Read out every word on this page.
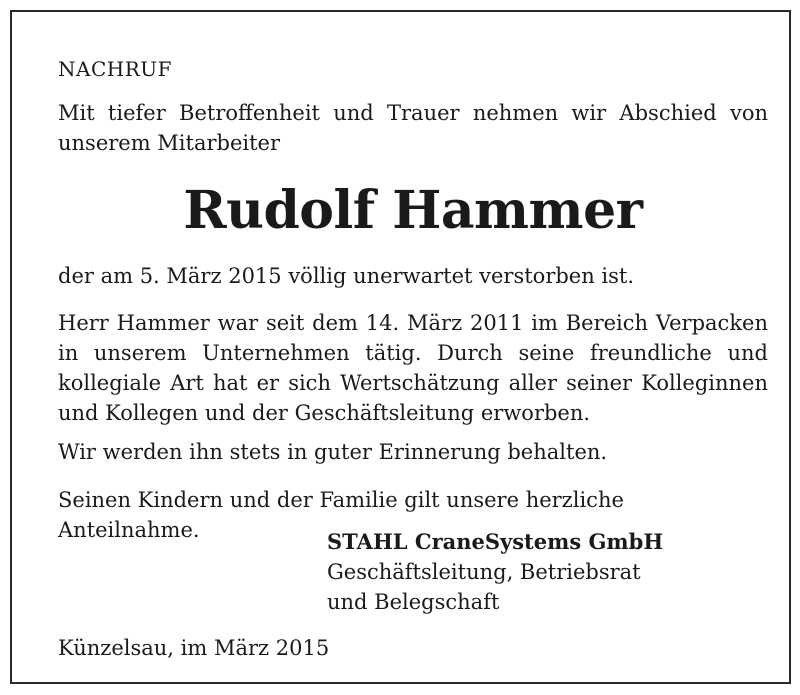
NACHRUF
Mit tiefer Betroffenheit und Trauer nehmen wir Abschied von unserem Mitarbeiter
Rudolf Hammer
der am 5. März 2015 völlig unerwartet verstorben ist.
Herr Hammer war seit dem 14. März 2011 im Bereich Verpacken in unserem Unternehmen tätig. Durch seine freundliche und kollegiale Art hat er sich Wertschätzung aller seiner Kolleginnen und Kollegen und der Geschäftsleitung erworben.
Wir werden ihn stets in guter Erinnerung behalten.
Seinen Kindern und der Familie gilt unsere herzliche Anteilnahme.	STAHL CraneSystems GmbH
Geschäftsleitung, Betriebsrat
und Belegschaft
Künzelsau, im März 2015
